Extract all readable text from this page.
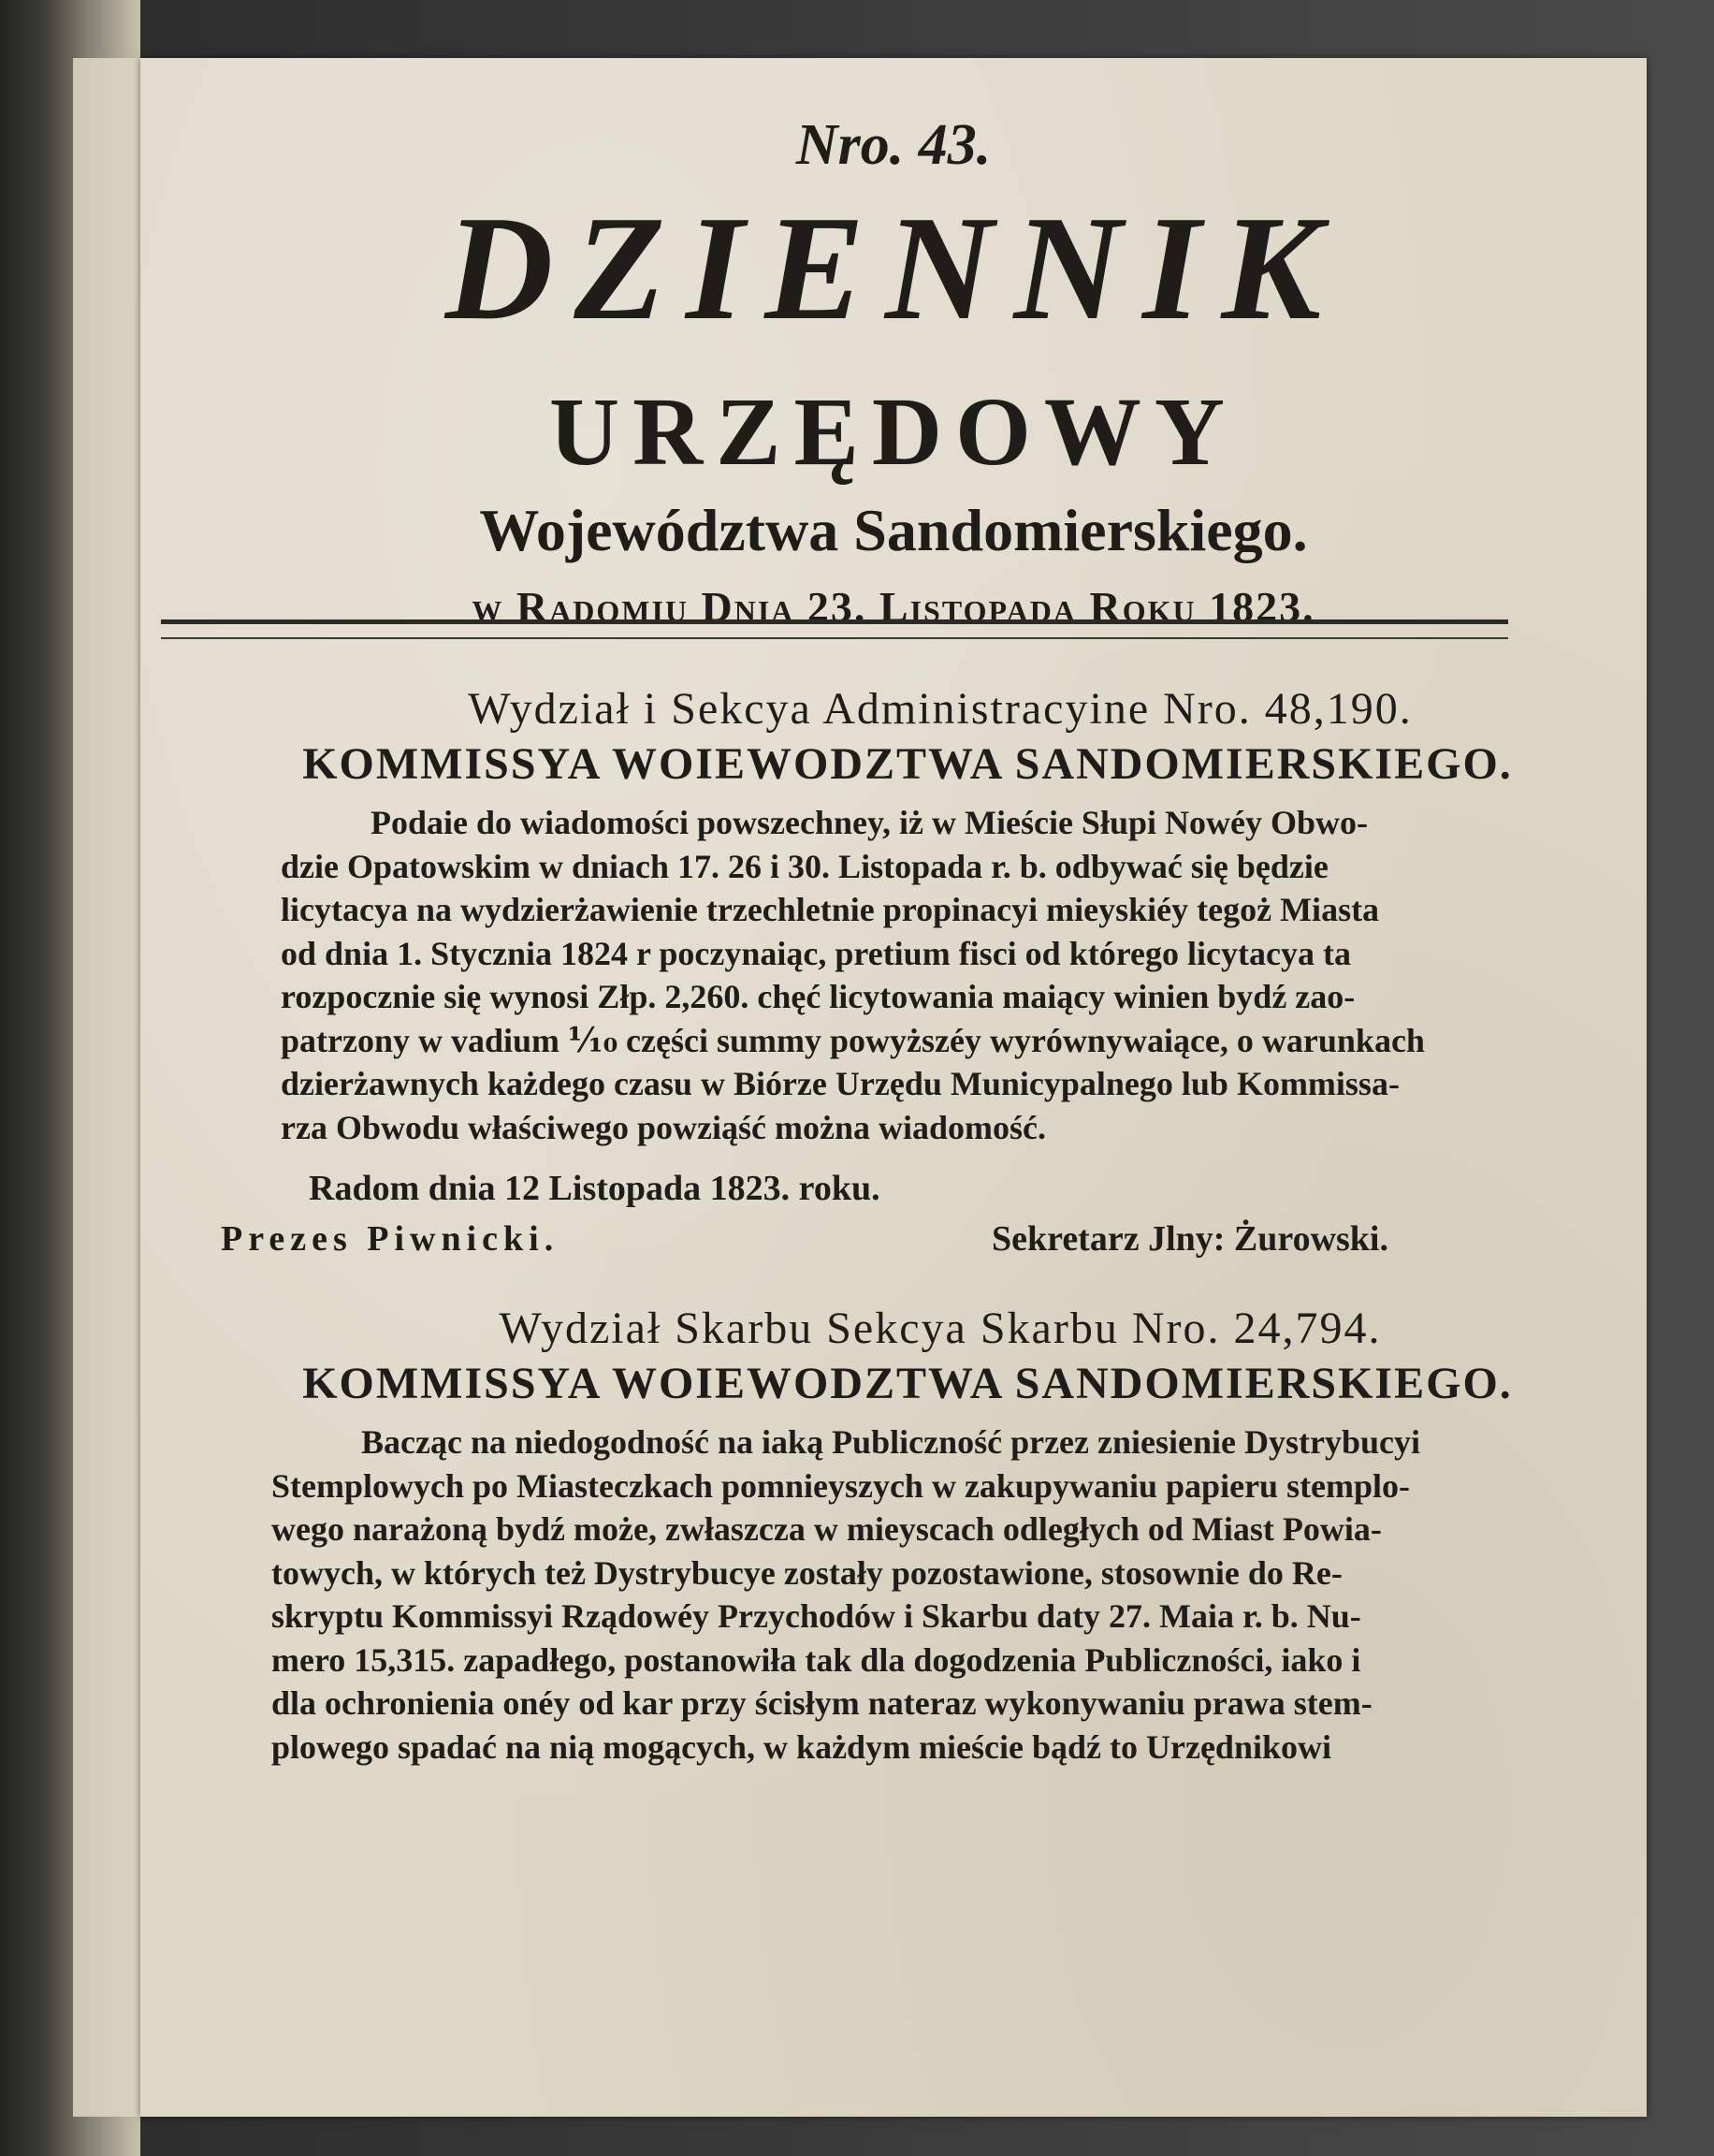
Nro. 43.
DZIENNIK
URZĘDOWY
Województwa Sandomierskiego.
w Radomiu Dnia 23. Listopada Roku 1823.
Wydział i Sekcya Administracyine Nro. 48,190.
KOMMISSYA WOIEWODZTWA SANDOMIERSKIEGO.
Podaie do wiadomości powszechney, iż w Mieście Słupi Nowéy Obwo-
dzie Opatowskim w dniach 17. 26 i 30. Listopada r. b. odbywać się będzie
licytacya na wydzierżawienie trzechletnie propinacyi mieyskiéy tegoż Miasta
od dnia 1. Stycznia 1824 r poczynaiąc, pretium fisci od którego licytacya ta
rozpocznie się wynosi Złp. 2,260. chęć licytowania maiący winien bydź zao-
patrzony w vadium ⅒ części summy powyższéy wyrównywaiące, o warunkach
dzierżawnych każdego czasu w Biórze Urzędu Municypalnego lub Kommissa-
rza Obwodu właściwego powziąść można wiadomość.
Radom dnia 12 Listopada 1823. roku.
Prezes Piwnicki.	Sekretarz Jlny: Żurowski.
Wydział Skarbu Sekcya Skarbu Nro. 24,794.
KOMMISSYA WOIEWODZTWA SANDOMIERSKIEGO.
Bacząc na niedogodność na iaką Publiczność przez zniesienie Dystrybucyi
Stemplowych po Miasteczkach pomnieyszych w zakupywaniu papieru stemplo-
wego narażoną bydź może, zwłaszcza w mieyscach odległych od Miast Powia-
towych, w których też Dystrybucye zostały pozostawione, stosownie do Re-
skryptu Kommissyi Rządowéy Przychodów i Skarbu daty 27. Maia r. b. Nu-
mero 15,315. zapadłego, postanowiła tak dla dogodzenia Publiczności, iako i
dla ochronienia onéy od kar przy ścisłym nateraz wykonywaniu prawa stem-
plowego spadać na nią mogących, w każdym mieście bądź to Urzędnikowi
